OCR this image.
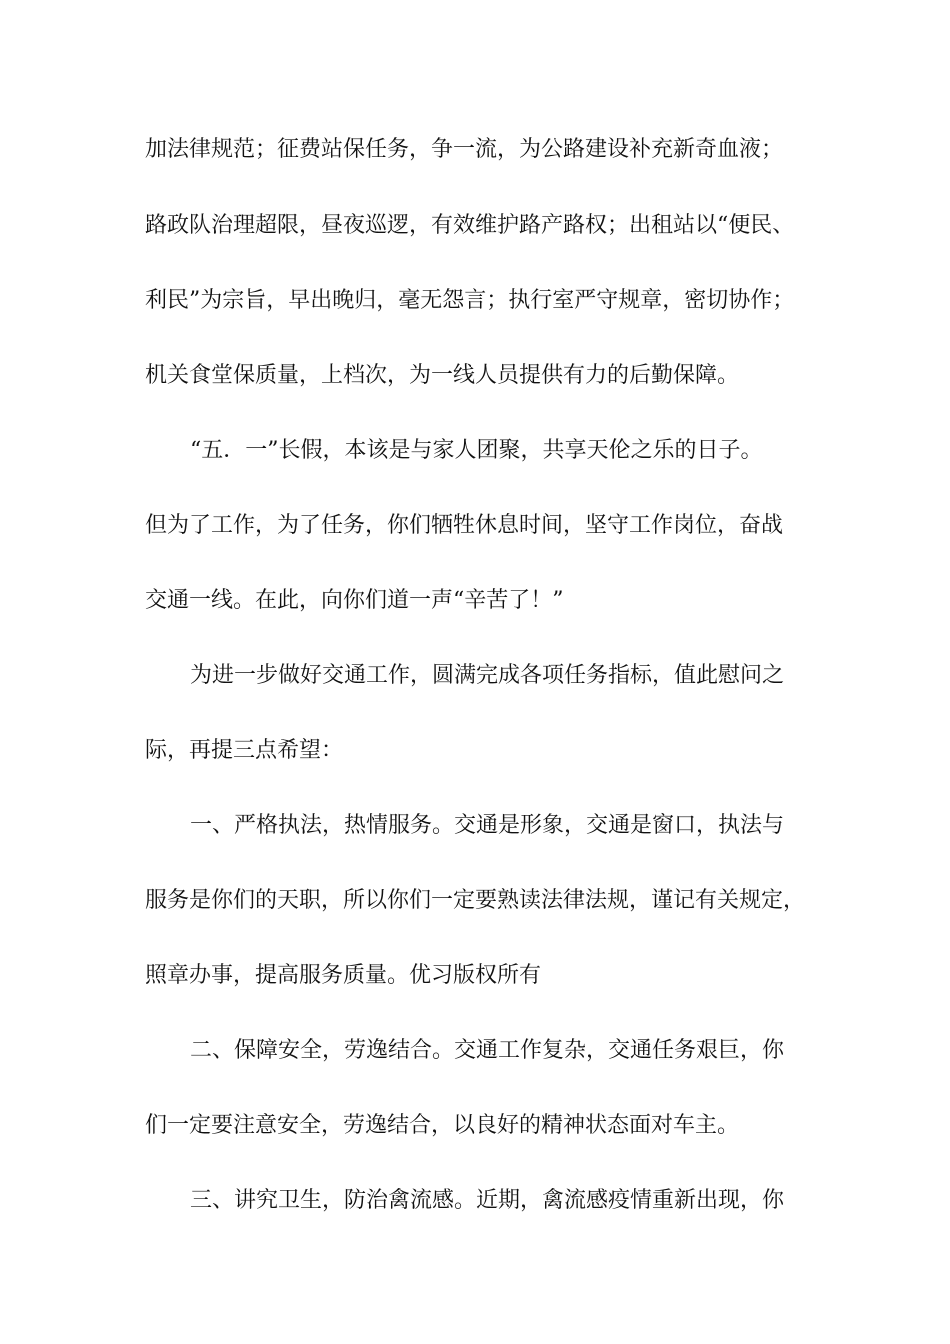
加法律规范；征费站保任务，争一流，为公路建设补充新奇血液；
路政队治理超限，昼夜巡逻，有效维护路产路权；出租站以“便民、
利民”为宗旨，早出晚归，毫无怨言；执行室严守规章，密切协作；
机关食堂保质量，上档次，为一线人员提供有力的后勤保障。
“五．一”长假，本该是与家人团聚，共享天伦之乐的日子。
但为了工作，为了任务，你们牺牲休息时间，坚守工作岗位，奋战
交通一线。在此，向你们道一声“辛苦了！”
为进一步做好交通工作，圆满完成各项任务指标，值此慰问之
际，再提三点希望：
一、严格执法，热情服务。交通是形象，交通是窗口，执法与
服务是你们的天职，所以你们一定要熟读法律法规，谨记有关规定，
照章办事，提高服务质量。优习版权所有
二、保障安全，劳逸结合。交通工作复杂，交通任务艰巨，你
们一定要注意安全，劳逸结合，以良好的精神状态面对车主。
三、讲究卫生，防治禽流感。近期，禽流感疫情重新出现，你
